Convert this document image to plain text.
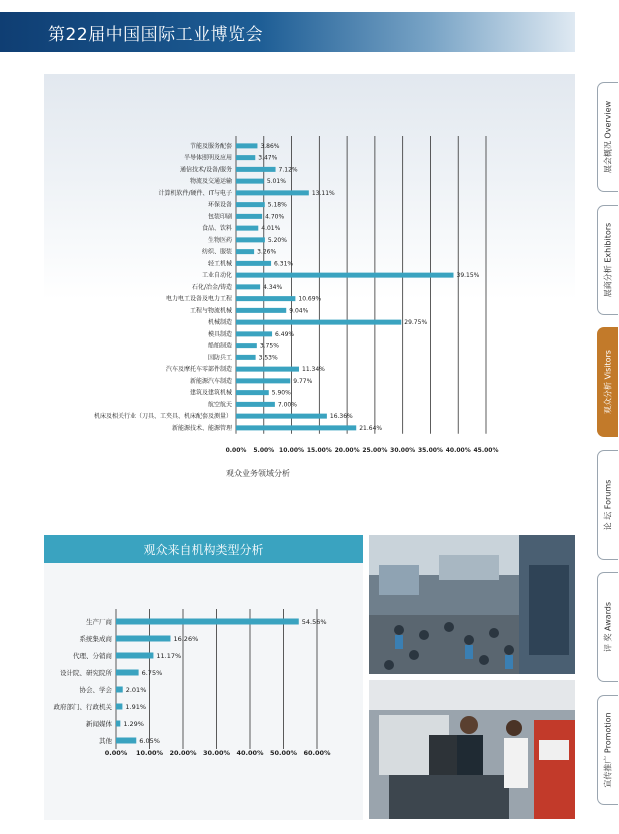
第22届中国国际工业博览会
0.00% 5.00% 10.00% 15.00% 20.00% 25.00% 30.00% 35.00% 40.00% 45.00%
节能及服务配套	3.86%
半导体照明及应用	3.47%
通信技术/设备/服务	7.12%
物流及交通运输	5.01%
计算机软件/硬件、IT与电子	13.11%
环保设备	5.18%
包装印刷	4.70%
食品、饮料	4.01%
生物医药	5.20%
纺织、服装	3.26%
轻工机械	6.31%
工业自动化	39.15%
石化/冶金/铸造	4.34%
电力电工设备及电力工程	10.69%
工程与物流机械	9.04%
机械制造	29.75%
模具制造	6.49%
船舶制造	3.75%
国防兵工	3.53%
汽车及摩托车零部件制造	11.34%
新能源汽车制造	9.77%
建筑及建筑机械	5.90%
航空航天	7.00%
机床及相关行业（刀具、工夹具、机床配套及测量）	16.36%
新能源技术、能源管理	21.64%
观众业务领域分析
观众来自机构类型分析
0.00% 10.00% 20.00% 30.00% 40.00% 50.00% 60.00%
生产厂商	54.56%
系统集成商	16.26%
代理、分销商	11.17%
设计院、研究院所	6.75%
协会、学会 2.01%
政府部门、行政机关 1.91%
新闻媒体 1.29%
其他	6.05%
展会概况 Overview
展商分析 Exhibitors
观众分析 Visitors
论 坛 Forums
评 奖 Awards
宣传推广 Promotion
